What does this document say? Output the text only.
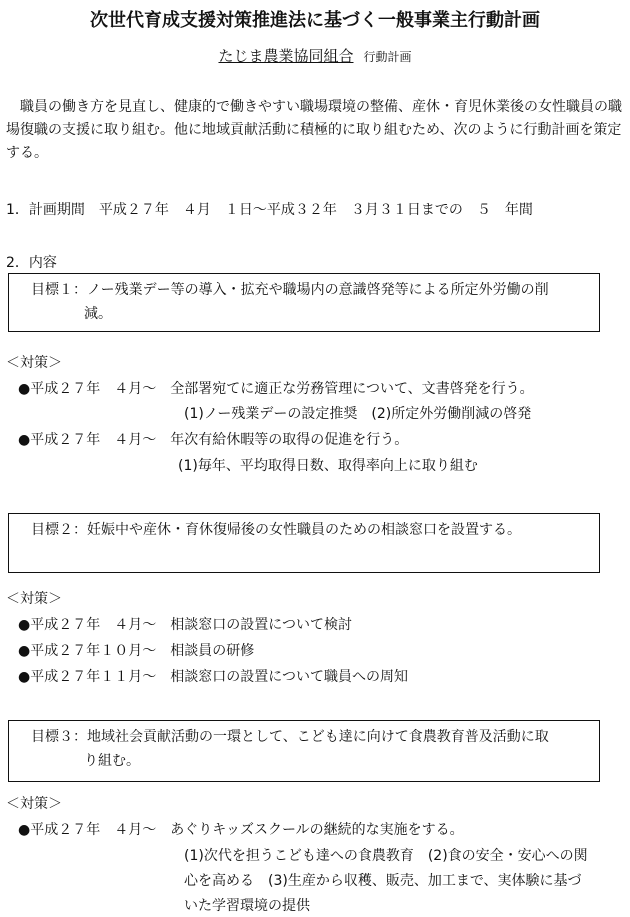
次世代育成支援対策推進法に基づく一般事業主行動計画
たじま農業協同組合 行動計画
職員の働き方を見直し、健康的で働きやすい職場環境の整備、産休・育児休業後の女性職員の職場復職の支援に取り組む。他に地域貢献活動に積極的に取り組むため、次のように行動計画を策定する。
1．計画期間　平成２７年　４月　１日～平成３２年　３月３１日までの　５　年間
2．内容
目標１：ノー残業デー等の導入・拡充や職場内の意識啓発等による所定外労働の削
減。
＜対策＞
●平成２７年　４月～ 全部署宛てに適正な労務管理について、文書啓発を行う。
(1)ノー残業デーの設定推奨　(2)所定外労働削減の啓発
●平成２７年　４月～ 年次有給休暇等の取得の促進を行う。
(1)毎年、平均取得日数、取得率向上に取り組む
目標２：妊娠中や産休・育休復帰後の女性職員のための相談窓口を設置する。
＜対策＞
●平成２７年　４月～ 相談窓口の設置について検討
●平成２７年１０月～ 相談員の研修
●平成２７年１１月～ 相談窓口の設置について職員への周知
目標３：地域社会貢献活動の一環として、こども達に向けて食農教育普及活動に取
り組む。
＜対策＞
●平成２７年　４月～ あぐりキッズスクールの継続的な実施をする。
(1)次代を担うこども達への食農教育　(2)食の安全・安心への関
心を高める　(3)生産から収穫、販売、加工まで、実体験に基づ
いた学習環境の提供
